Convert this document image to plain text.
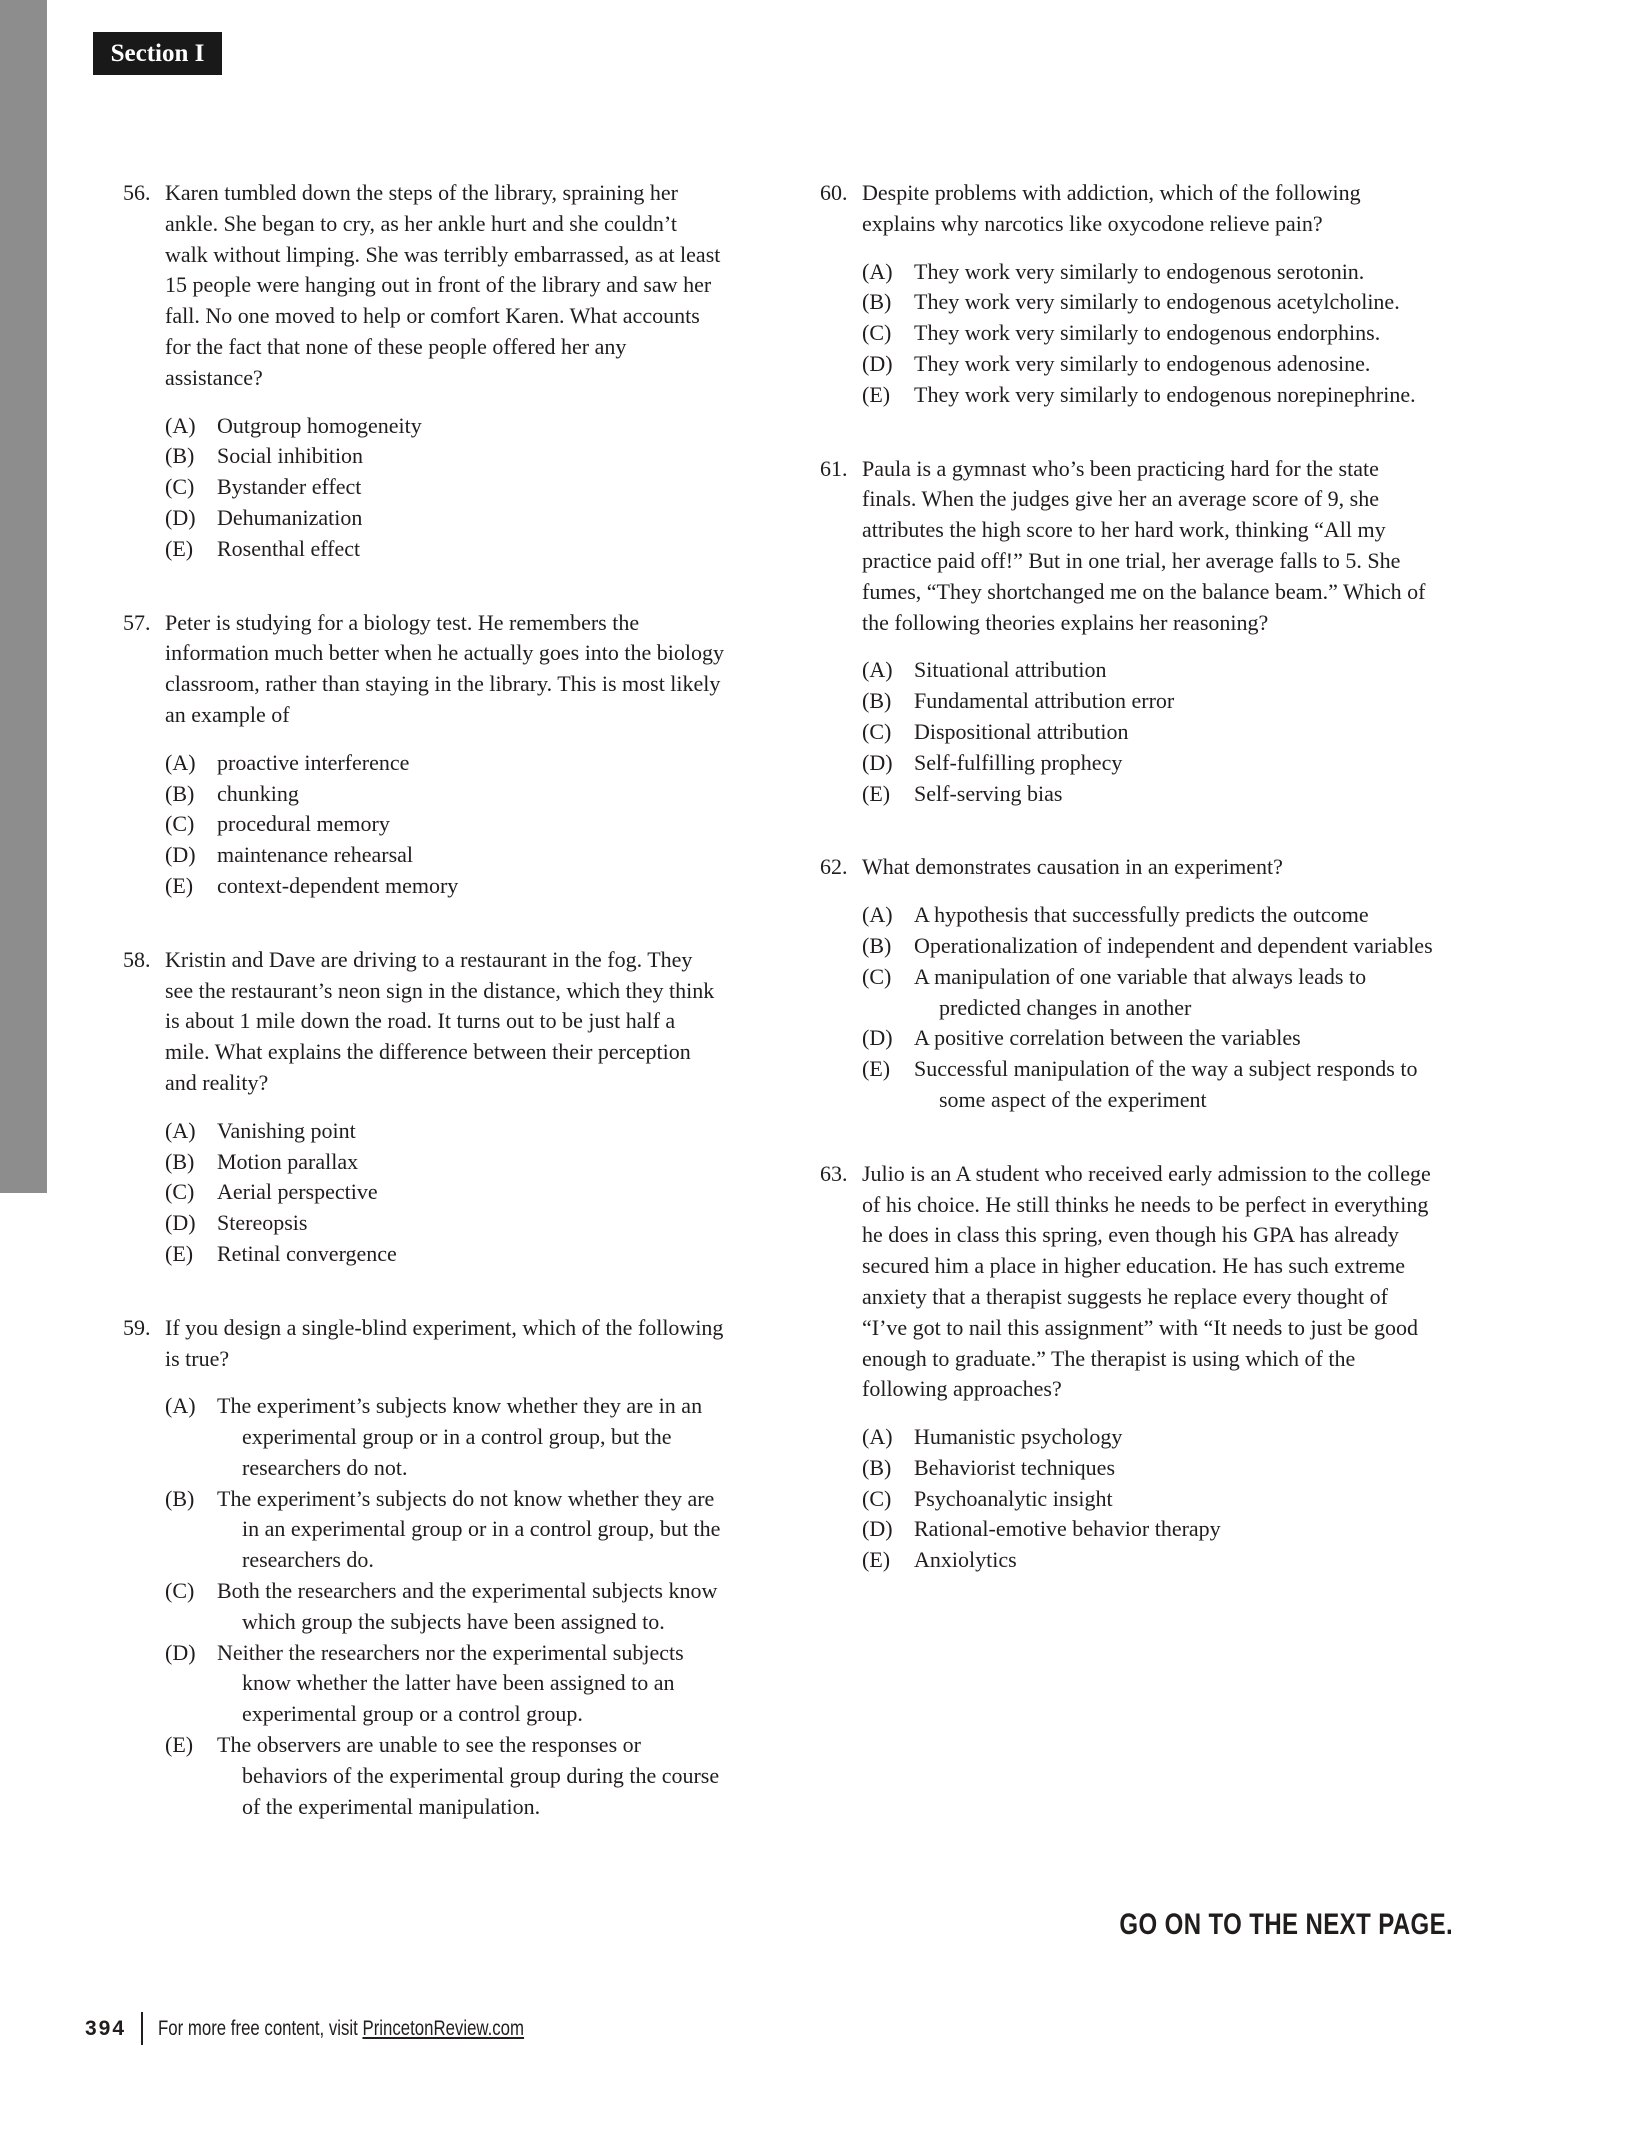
Section I
56. Karen tumbled down the steps of the library, spraining her ankle. She began to cry, as her ankle hurt and she couldn’t walk without limping. She was terribly embarrassed, as at least 15 people were hanging out in front of the library and saw her fall. No one moved to help or comfort Karen. What accounts for the fact that none of these people offered her any assistance?
(A) Outgroup homogeneity
(B)	Social inhibition
(C)	Bystander effect
(D) Dehumanization
(E)	Rosenthal effect
57. Peter is studying for a biology test. He remembers the information much better when he actually goes into the biology classroom, rather than staying in the library. This is most likely an example of
(A) proactive interference
(B)	chunking
(C)	procedural memory
(D) maintenance rehearsal
(E)	context-dependent memory
58. Kristin and Dave are driving to a restaurant in the fog. They see the restaurant’s neon sign in the distance, which they think is about 1 mile down the road. It turns out to be just half a mile. What explains the difference between their perception and reality?
(A) Vanishing point
(B)	Motion parallax
(C)	Aerial perspective
(D) Stereopsis
(E)	Retinal convergence
59. If you design a single-blind experiment, which of the following is true?
(A) The experiment’s subjects know whether they are in an experimental group or in a control group, but the researchers do not.
(B)	The experiment’s subjects do not know whether they are in an experimental group or in a control group, but the researchers do.
(C)	Both the researchers and the experimental subjects know which group the subjects have been assigned to.
(D) Neither the researchers nor the experimental subjects know whether the latter have been assigned to an experimental group or a control group.
(E)	The observers are unable to see the responses or behaviors of the experimental group during the course of the experimental manipulation.
60. Despite problems with addiction, which of the following explains why narcotics like oxycodone relieve pain?
(A) They work very similarly to endogenous serotonin.
(B)	They work very similarly to endogenous acetylcholine.
(C)	They work very similarly to endogenous endorphins.
(D) They work very similarly to endogenous adenosine.
(E)	They work very similarly to endogenous norepinephrine.
61. Paula is a gymnast who’s been practicing hard for the state finals. When the judges give her an average score of 9, she attributes the high score to her hard work, thinking “All my practice paid off!” But in one trial, her average falls to 5. She fumes, “They shortchanged me on the balance beam.” Which of the following theories explains her reasoning?
(A) Situational attribution
(B)	Fundamental attribution error
(C)	Dispositional attribution
(D) Self-fulfilling prophecy
(E)	Self-serving bias
62. What demonstrates causation in an experiment?
(A) A hypothesis that successfully predicts the outcome
(B)	Operationalization of independent and dependent variables
(C)	A manipulation of one variable that always leads to predicted changes in another
(D) A positive correlation between the variables
(E)	Successful manipulation of the way a subject responds to some aspect of the experiment
63. Julio is an A student who received early admission to the college of his choice. He still thinks he needs to be perfect in everything he does in class this spring, even though his GPA has already secured him a place in higher education. He has such extreme anxiety that a therapist suggests he replace every thought of “I’ve got to nail this assignment” with “It needs to just be good enough to graduate.” The therapist is using which of the following approaches?
(A) Humanistic psychology
(B)	Behaviorist techniques
(C)	Psychoanalytic insight
(D) Rational-emotive behavior therapy
(E)	Anxiolytics
GO ON TO THE NEXT PAGE.
394 For more free content, visit PrincetonReview.com
